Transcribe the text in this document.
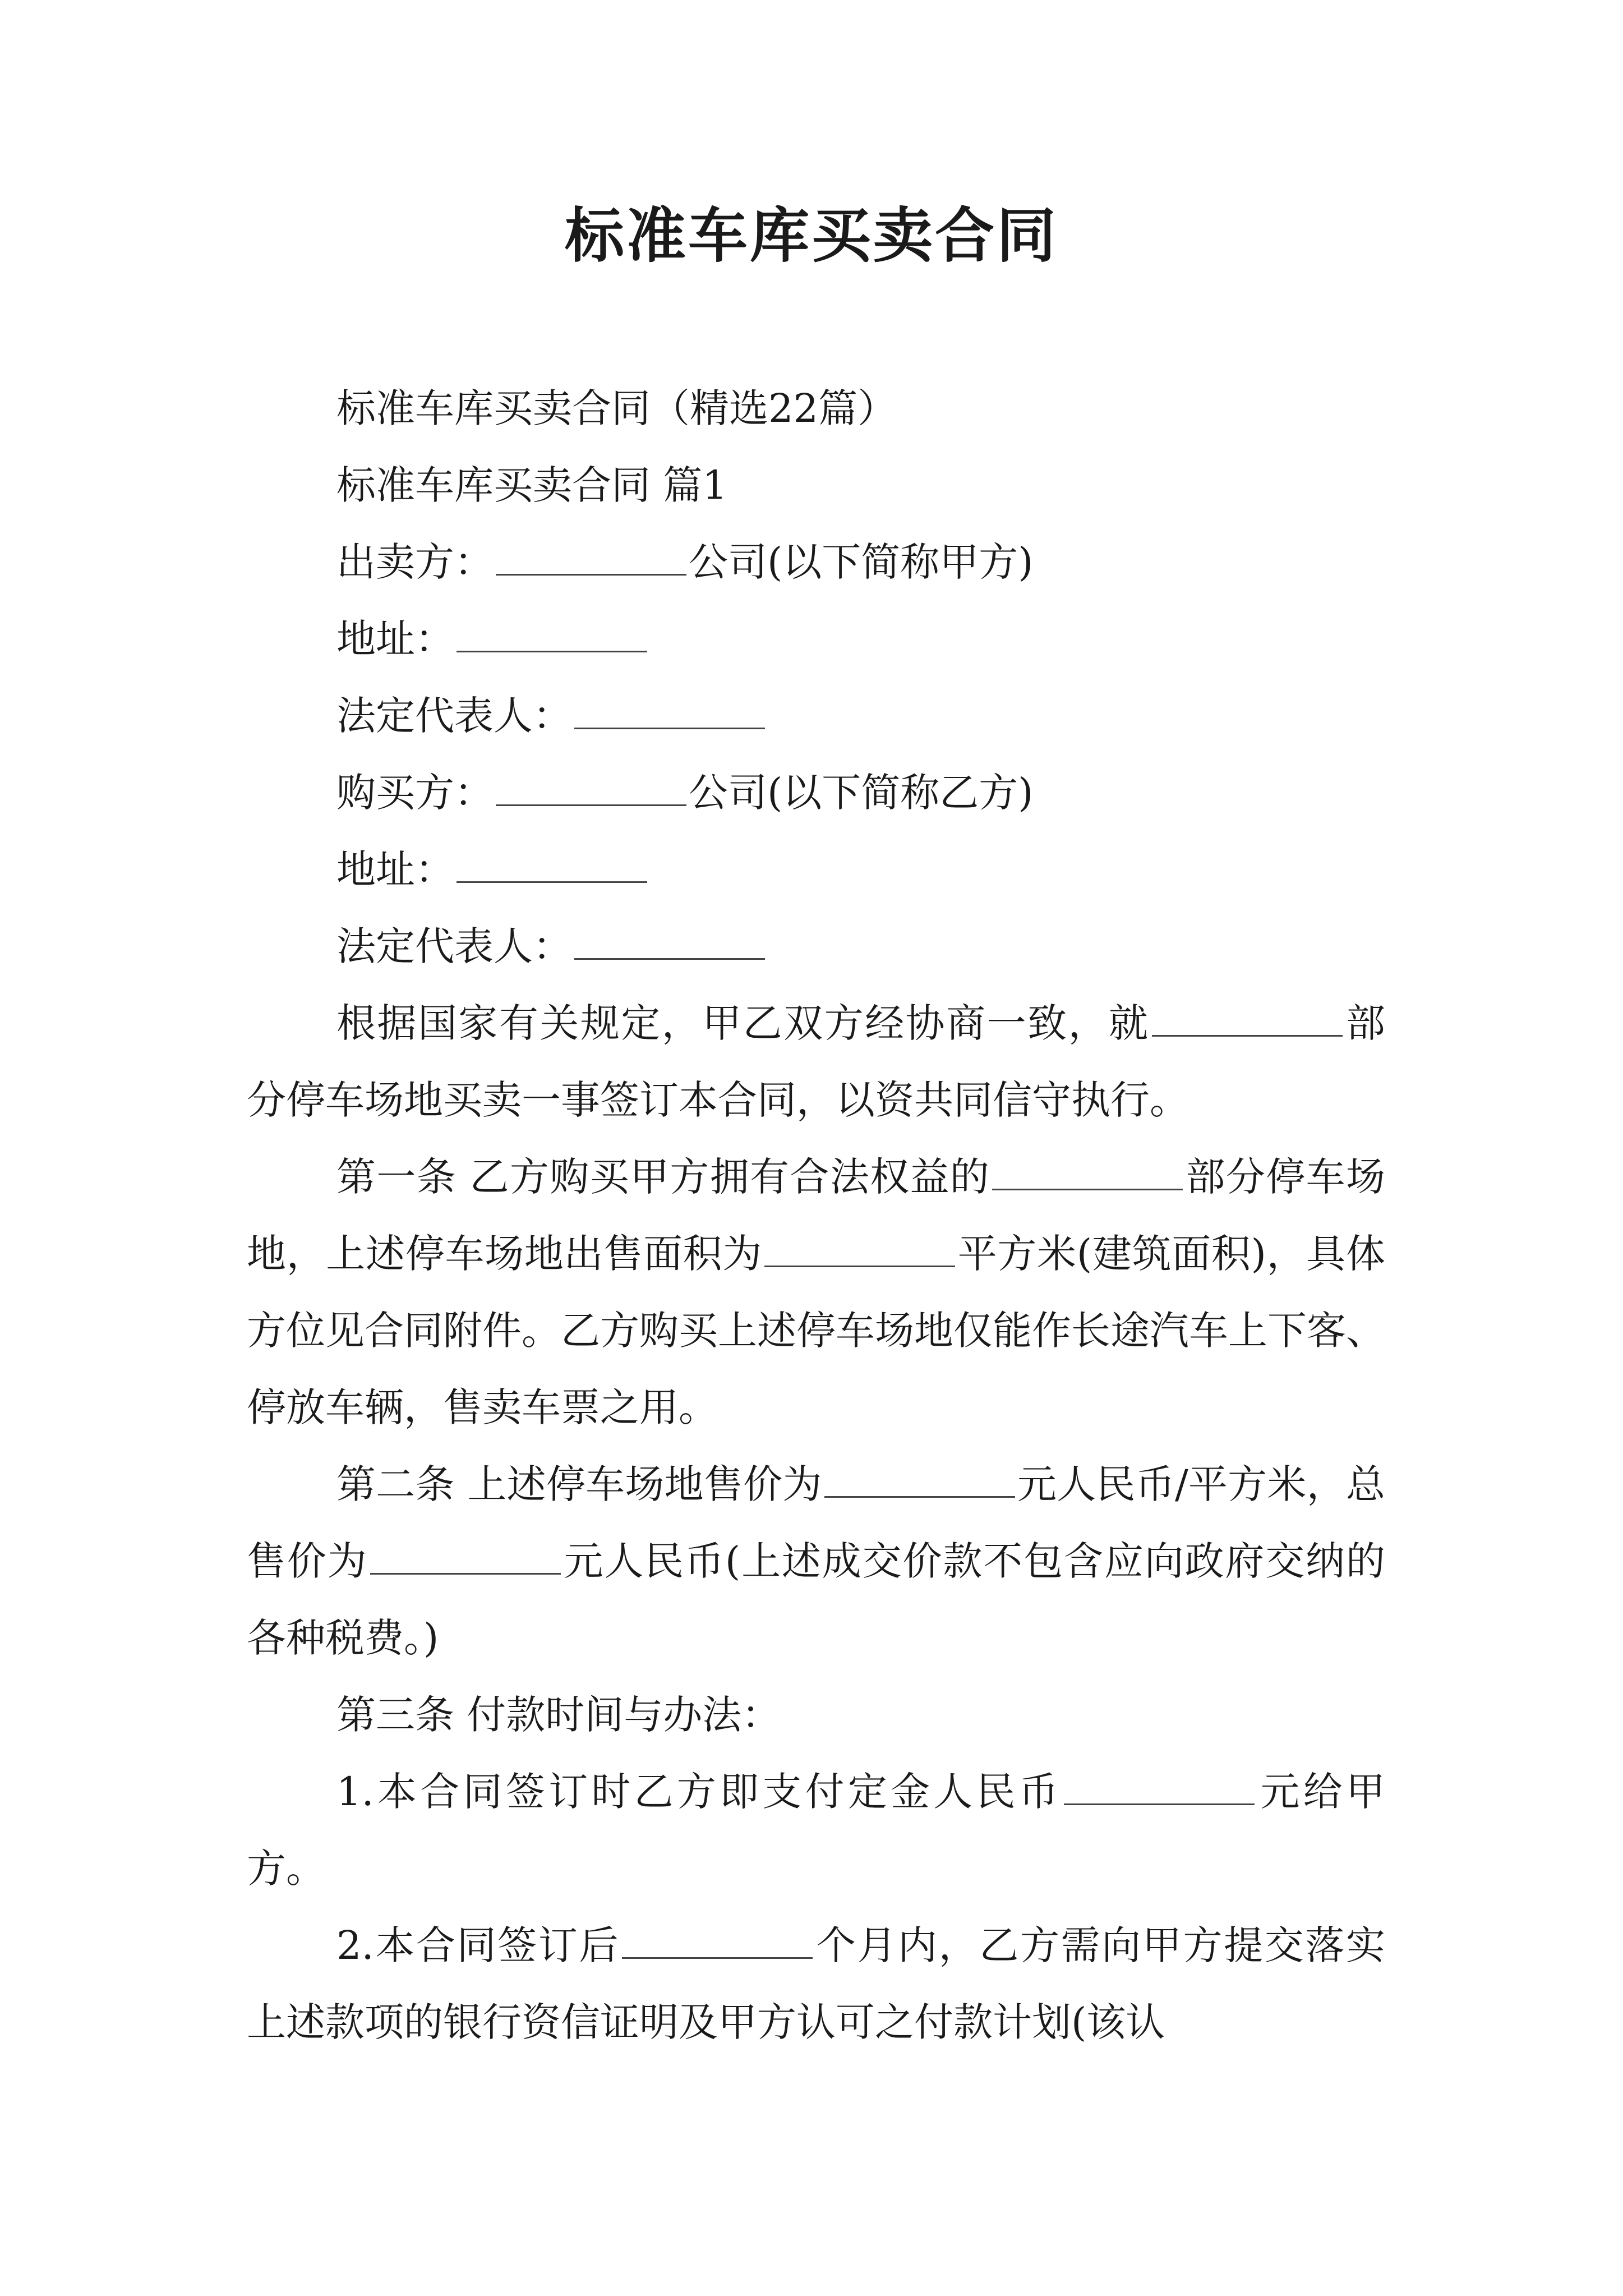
标准车库买卖合同

标准车库买卖合同（精选22篇）

标准车库买卖合同 篇1

出卖方：	公司(以下简称甲方)

地址：

法定代表人：

购买方：	公司(以下简称乙方)

地址：

法定代表人：

根据国家有关规定，甲乙双方经协商一致，就	部分停车场地买卖一事签订本合同，以资共同信守执行。

第一条 乙方购买甲方拥有合法权益的	部分停车场地，上述停车场地出售面积为	平方米(建筑面积)，具体方位见合同附件。乙方购买上述停车场地仅能作长途汽车上下客、停放车辆，售卖车票之用。

第二条 上述停车场地售价为	元人民币/平方米，总售价为	元人民币(上述成交价款不包含应向政府交纳的各种税费。)

第三条 付款时间与办法：

1.本合同签订时乙方即支付定金人民币	元给甲方。

2.本合同签订后	个月内，乙方需向甲方提交落实上述款项的银行资信证明及甲方认可之付款计划(该认
